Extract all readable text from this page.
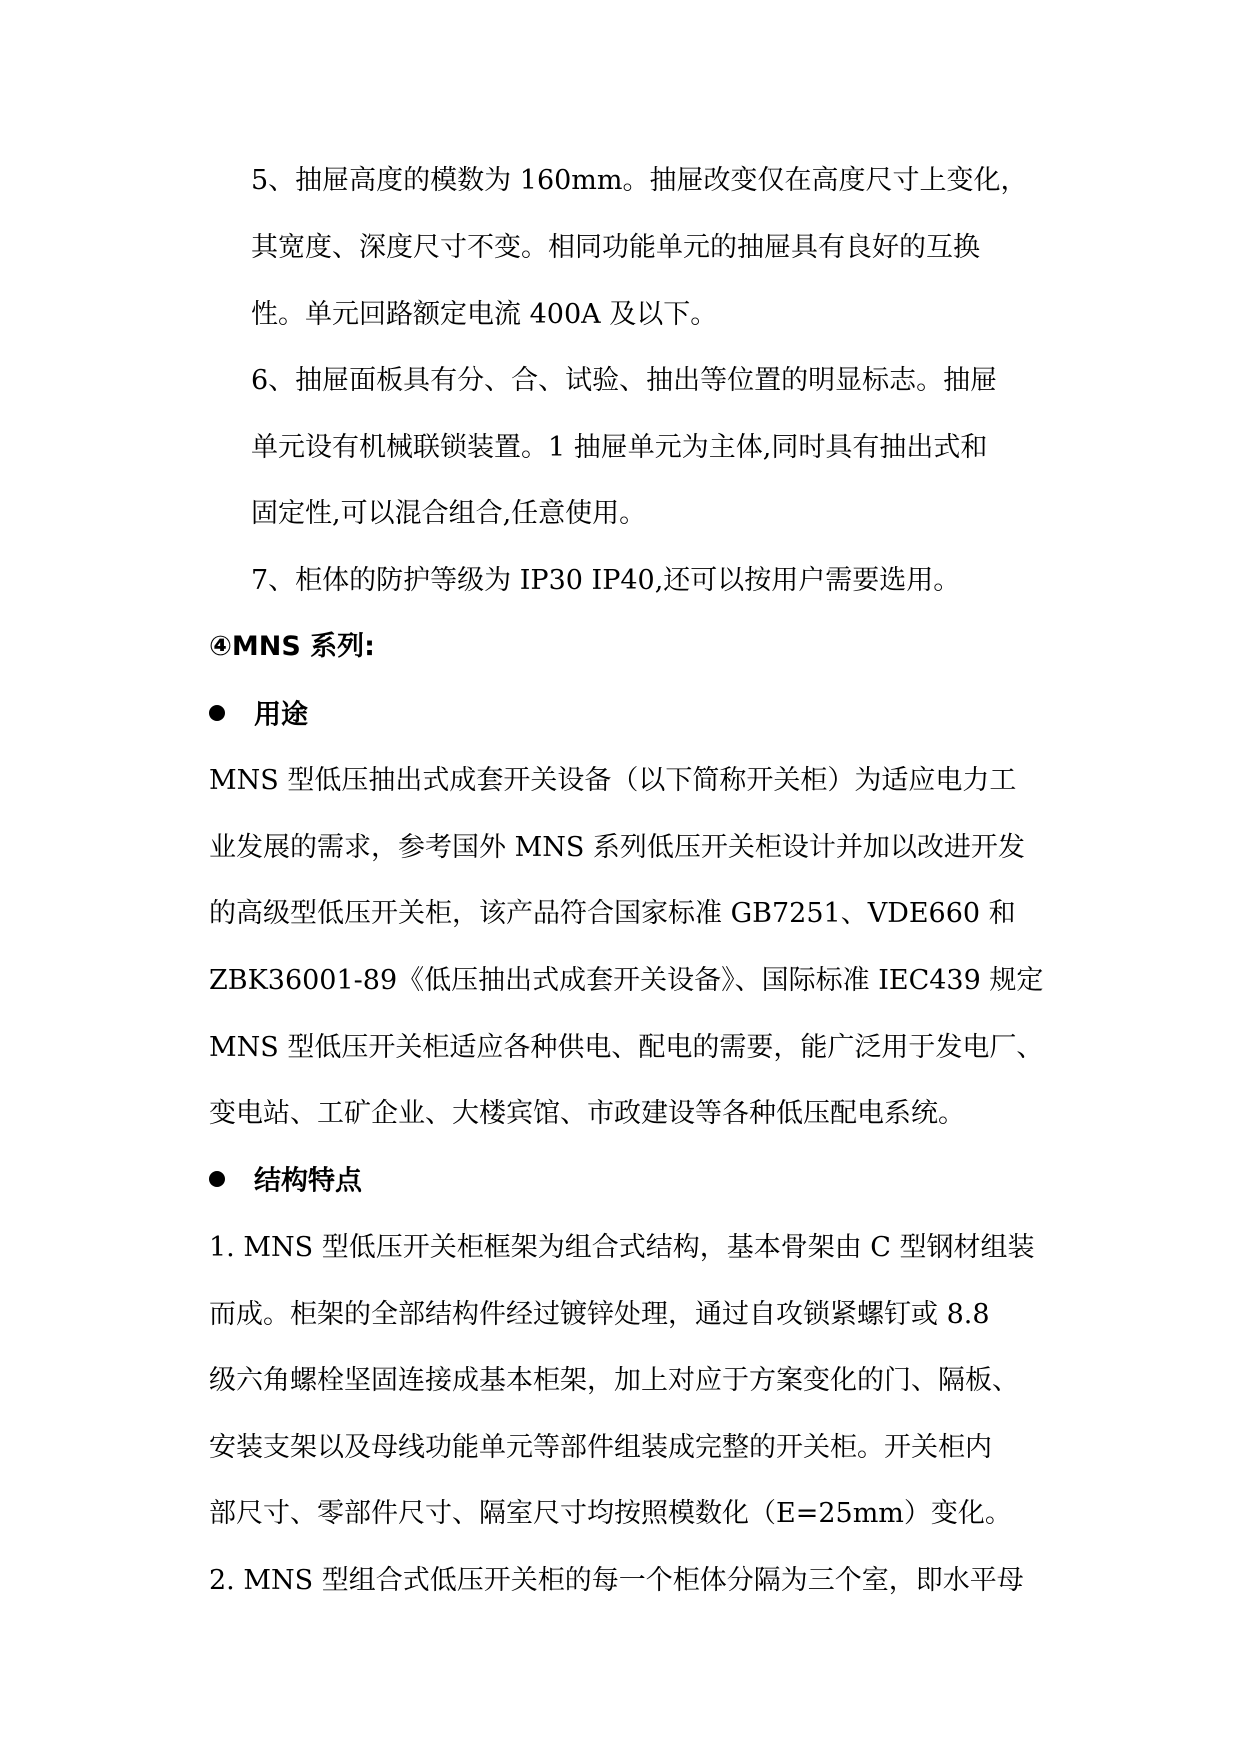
5、抽屉高度的模数为 160mm。抽屉改变仅在高度尺寸上变化，
其宽度、深度尺寸不变。相同功能单元的抽屉具有良好的互换
性。单元回路额定电流 400A 及以下。
6、抽屉面板具有分、合、试验、抽出等位置的明显标志。抽屉
单元设有机械联锁装置。1 抽屉单元为主体,同时具有抽出式和
固定性,可以混合组合,任意使用。
7、柜体的防护等级为 IP30 IP40,还可以按用户需要选用。
④MNS 系列:
用途
MNS 型低压抽出式成套开关设备（以下简称开关柜）为适应电力工
业发展的需求，参考国外 MNS 系列低压开关柜设计并加以改进开发
的高级型低压开关柜，该产品符合国家标准 GB7251、VDE660 和
ZBK36001-89《低压抽出式成套开关设备》、国际标准 IEC439 规定
MNS 型低压开关柜适应各种供电、配电的需要，能广泛用于发电厂、
变电站、工矿企业、大楼宾馆、市政建设等各种低压配电系统。
结构特点
1. MNS 型低压开关柜框架为组合式结构，基本骨架由 C 型钢材组装
而成。柜架的全部结构件经过镀锌处理，通过自攻锁紧螺钉或 8.8
级六角螺栓坚固连接成基本柜架，加上对应于方案变化的门、隔板、
安装支架以及母线功能单元等部件组装成完整的开关柜。开关柜内
部尺寸、零部件尺寸、隔室尺寸均按照模数化（E=25mm）变化。
2. MNS 型组合式低压开关柜的每一个柜体分隔为三个室，即水平母
